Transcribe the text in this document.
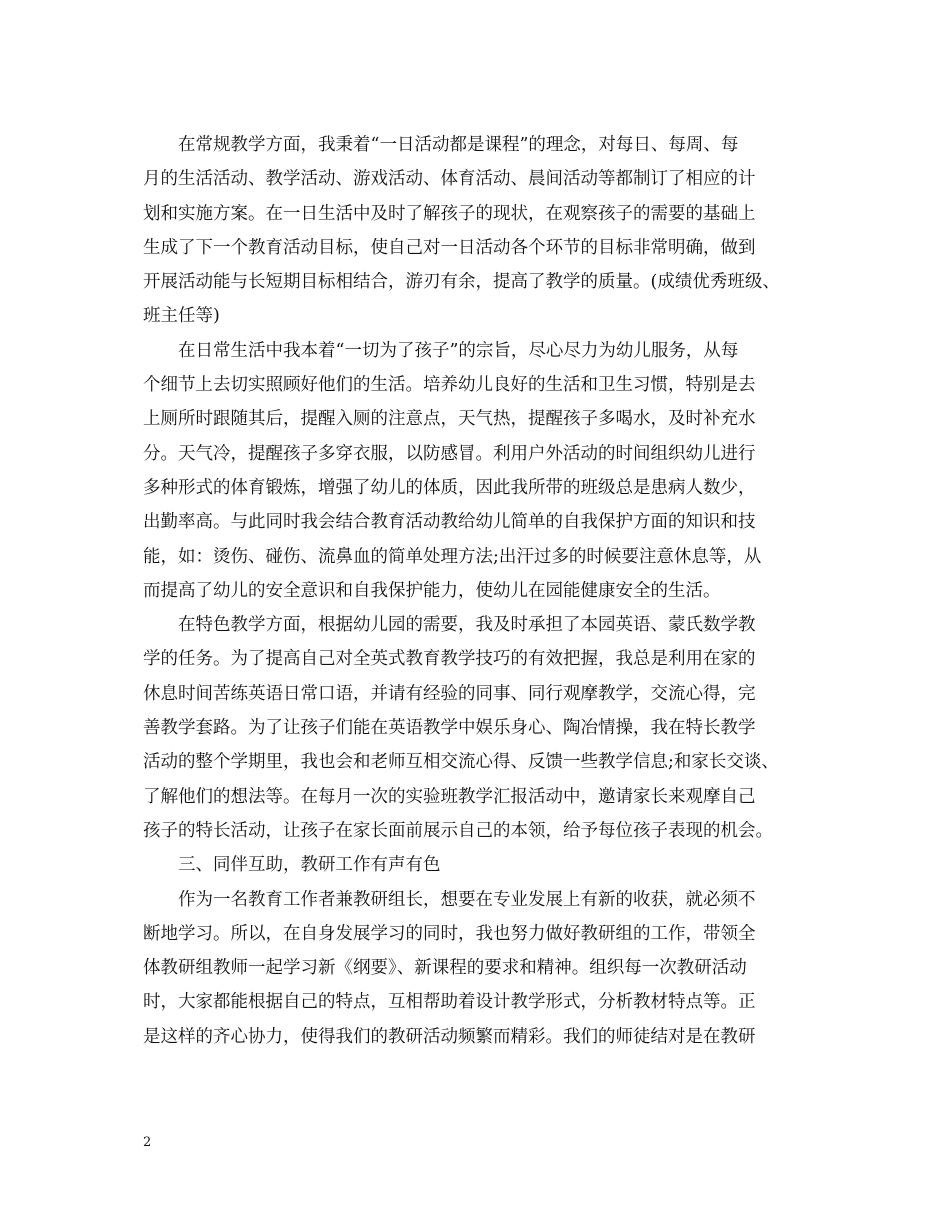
在常规教学方面，我秉着“一日活动都是课程”的理念，对每日、每周、每
月的生活活动、教学活动、游戏活动、体育活动、晨间活动等都制订了相应的计
划和实施方案。在一日生活中及时了解孩子的现状，在观察孩子的需要的基础上
生成了下一个教育活动目标，使自己对一日活动各个环节的目标非常明确，做到
开展活动能与长短期目标相结合，游刃有余，提高了教学的质量。(成绩优秀班级、
班主任等)
在日常生活中我本着“一切为了孩子”的宗旨，尽心尽力为幼儿服务，从每
个细节上去切实照顾好他们的生活。培养幼儿良好的生活和卫生习惯，特别是去
上厕所时跟随其后，提醒入厕的注意点，天气热，提醒孩子多喝水，及时补充水
分。天气冷，提醒孩子多穿衣服，以防感冒。利用户外活动的时间组织幼儿进行
多种形式的体育锻炼，增强了幼儿的体质，因此我所带的班级总是患病人数少，
出勤率高。与此同时我会结合教育活动教给幼儿简单的自我保护方面的知识和技
能，如：烫伤、碰伤、流鼻血的简单处理方法;出汗过多的时候要注意休息等，从
而提高了幼儿的安全意识和自我保护能力，使幼儿在园能健康安全的生活。
在特色教学方面，根据幼儿园的需要，我及时承担了本园英语、蒙氏数学教
学的任务。为了提高自己对全英式教育教学技巧的有效把握，我总是利用在家的
休息时间苦练英语日常口语，并请有经验的同事、同行观摩教学，交流心得，完
善教学套路。为了让孩子们能在英语教学中娱乐身心、陶冶情操，我在特长教学
活动的整个学期里，我也会和老师互相交流心得、反馈一些教学信息;和家长交谈、
了解他们的想法等。在每月一次的实验班教学汇报活动中，邀请家长来观摩自己
孩子的特长活动，让孩子在家长面前展示自己的本领，给予每位孩子表现的机会。
三、同伴互助，教研工作有声有色
作为一名教育工作者兼教研组长，想要在专业发展上有新的收获，就必须不
断地学习。所以，在自身发展学习的同时，我也努力做好教研组的工作，带领全
体教研组教师一起学习新《纲要》、新课程的要求和精神。组织每一次教研活动
时，大家都能根据自己的特点，互相帮助着设计教学形式，分析教材特点等。正
是这样的齐心协力，使得我们的教研活动频繁而精彩。我们的师徒结对是在教研
2
